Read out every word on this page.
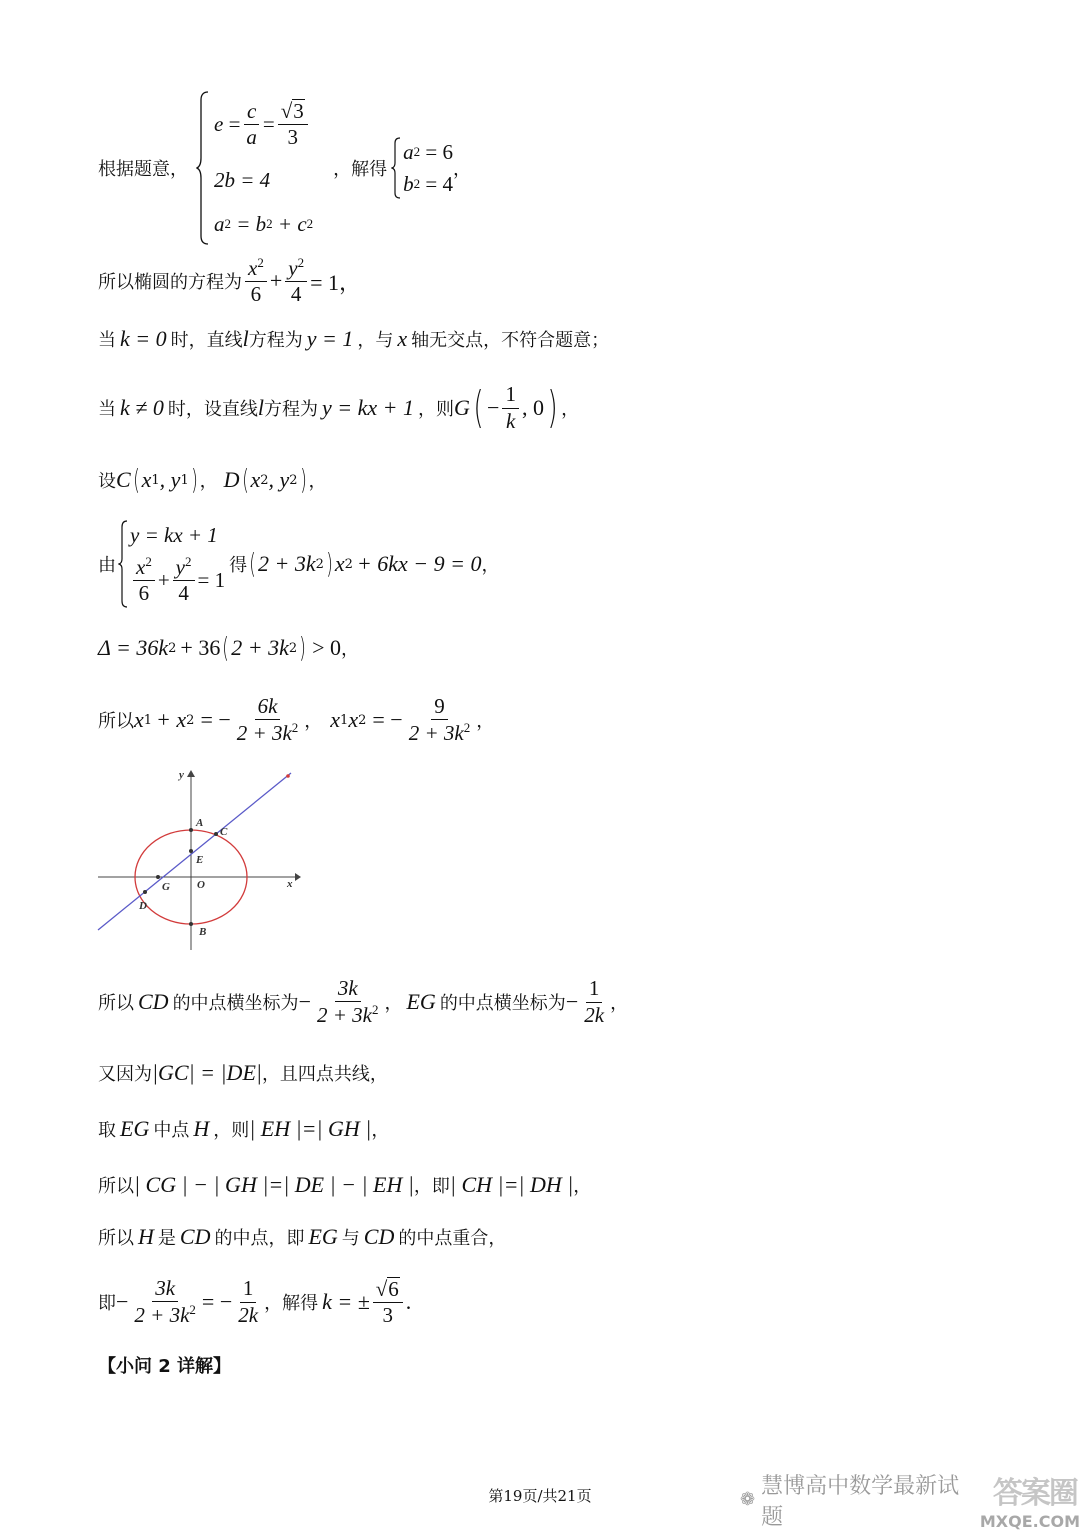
根据题意，
$e = \frac{c}{a} = \frac{√ 3}{3}$
2b = 4
a 2
= b 2
+ c 2
，解得
a 2
= 6
b 2
= 4
，
所以椭圆的方程为 $\frac{x^2}{6} + \frac{y^2}{4} = 1$，
当 k = 0 时，直线 l 方程为 y = 1 ，与 x 轴无交点，不符合题意；
当 k ≠ 0 时，设直线 l 方程为 y = kx + 1 ，则 G ( − $\frac{1}{k}$ , 0 ) ，
设 C ( x 1 , y 1 ) ， D ( x 2 , y 2 ) ，
由
y = kx + 1
$\frac{x^2}{6} + \frac{y^2}{4} = 1$
得 ( 2 + 3k 2 ) x 2 + 6kx − 9 = 0 ，
Δ = 36k 2 + 36 ( 2 + 3k 2 ) > 0 ，
所以 x 1 + x 2 = − $\frac{6k}{2 + 3k^2}$ ， x 1 x 2 = − $\frac{9}{2 + 3k^2}$ ，
y
x
A
B
C
D
E
G O
所以 CD 的中点横坐标为 − $\frac{3k}{2 + 3k^2}$ ， EG 的中点横坐标为 − $\frac{1}{2k}$ ，
又因为 |GC| = |DE| ，且四点共线，
取 EG 中点 H ，则 | EH |=| GH | ，
所以 | CG | − | GH |=| DE | − | EH | ，即 | CH |=| DH | ，
所以 H 是 CD 的中点，即 EG 与 CD 的中点重合，
即 − $\frac{3k}{2 + 3k^2}$ = − $\frac{1}{2k}$ ，解得 k = ± $\frac{√ 6}{3}$ .
【小问 2 详解】
第19页/共21页	❁
慧博高中数学最新试题
答案圈
MXQE.COM
